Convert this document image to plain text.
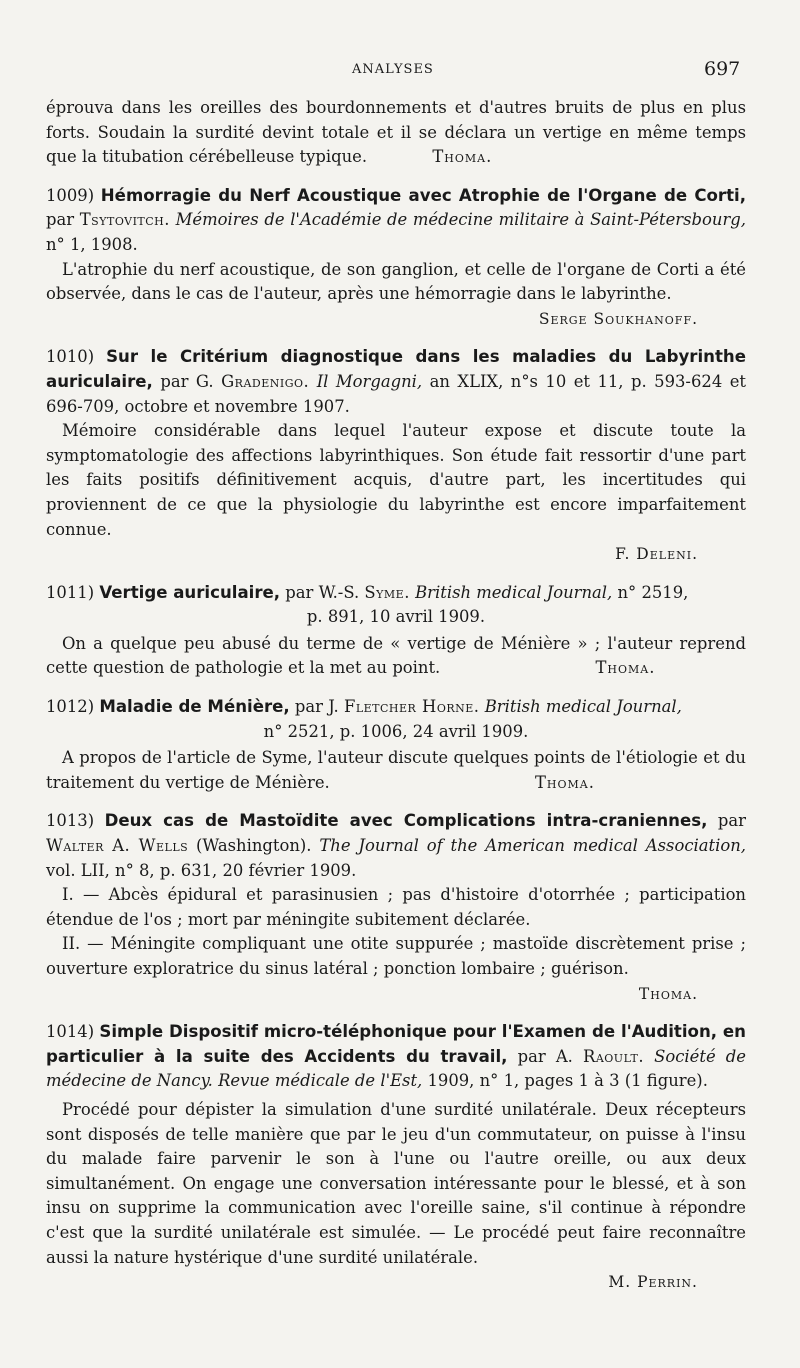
ANALYSES	697

éprouva dans les oreilles des bourdonnements et d'autres bruits de plus en plus forts. Soudain la surdité devint totale et il se déclara un vertige en même temps que la titubation cérébelleuse typique.	Thoma.

1009) Hémorragie du Nerf Acoustique avec Atrophie de l'Organe de Corti, par Tsytovitch. Mémoires de l'Académie de médecine militaire à Saint-Pétersbourg, n° 1, 1908.

L'atrophie du nerf acoustique, de son ganglion, et celle de l'organe de Corti a été observée, dans le cas de l'auteur, après une hémorragie dans le labyrinthe.

Serge Soukhanoff.

1010) Sur le Critérium diagnostique dans les maladies du Labyrinthe auriculaire, par G. Gradenigo. Il Morgagni, an XLIX, n°s 10 et 11, p. 593-624 et 696-709, octobre et novembre 1907.

Mémoire considérable dans lequel l'auteur expose et discute toute la symptomatologie des affections labyrinthiques. Son étude fait ressortir d'une part les faits positifs définitivement acquis, d'autre part, les incertitudes qui proviennent de ce que la physiologie du labyrinthe est encore imparfaitement connue.

F. Deleni.

1011) Vertige auriculaire, par W.-S. Syme. British medical Journal, n° 2519,

p. 891, 10 avril 1909.

On a quelque peu abusé du terme de « vertige de Ménière » ; l'auteur reprend cette question de pathologie et la met au point.	Thoma.

1012) Maladie de Ménière, par J. Fletcher Horne. British medical Journal,

n° 2521, p. 1006, 24 avril 1909.

A propos de l'article de Syme, l'auteur discute quelques points de l'étiologie et du traitement du vertige de Ménière.	Thoma.

1013) Deux cas de Mastoïdite avec Complications intra-craniennes, par Walter A. Wells (Washington). The Journal of the American medical Association, vol. LII, n° 8, p. 631, 20 février 1909.

I. — Abcès épidural et parasinusien ; pas d'histoire d'otorrhée ; participation étendue de l'os ; mort par méningite subitement déclarée.

II. — Méningite compliquant une otite suppurée ; mastoïde discrètement prise ; ouverture exploratrice du sinus latéral ; ponction lombaire ; guérison.

Thoma.

1014) Simple Dispositif micro-téléphonique pour l'Examen de l'Audition, en particulier à la suite des Accidents du travail, par A. Raoult. Société de médecine de Nancy. Revue médicale de l'Est, 1909, n° 1, pages 1 à 3 (1 figure).

Procédé pour dépister la simulation d'une surdité unilatérale. Deux récepteurs sont disposés de telle manière que par le jeu d'un commutateur, on puisse à l'insu du malade faire parvenir le son à l'une ou l'autre oreille, ou aux deux simultanément. On engage une conversation intéressante pour le blessé, et à son insu on supprime la communication avec l'oreille saine, s'il continue à répondre c'est que la surdité unilatérale est simulée. — Le procédé peut faire reconnaître aussi la nature hystérique d'une surdité unilatérale.

M. Perrin.
